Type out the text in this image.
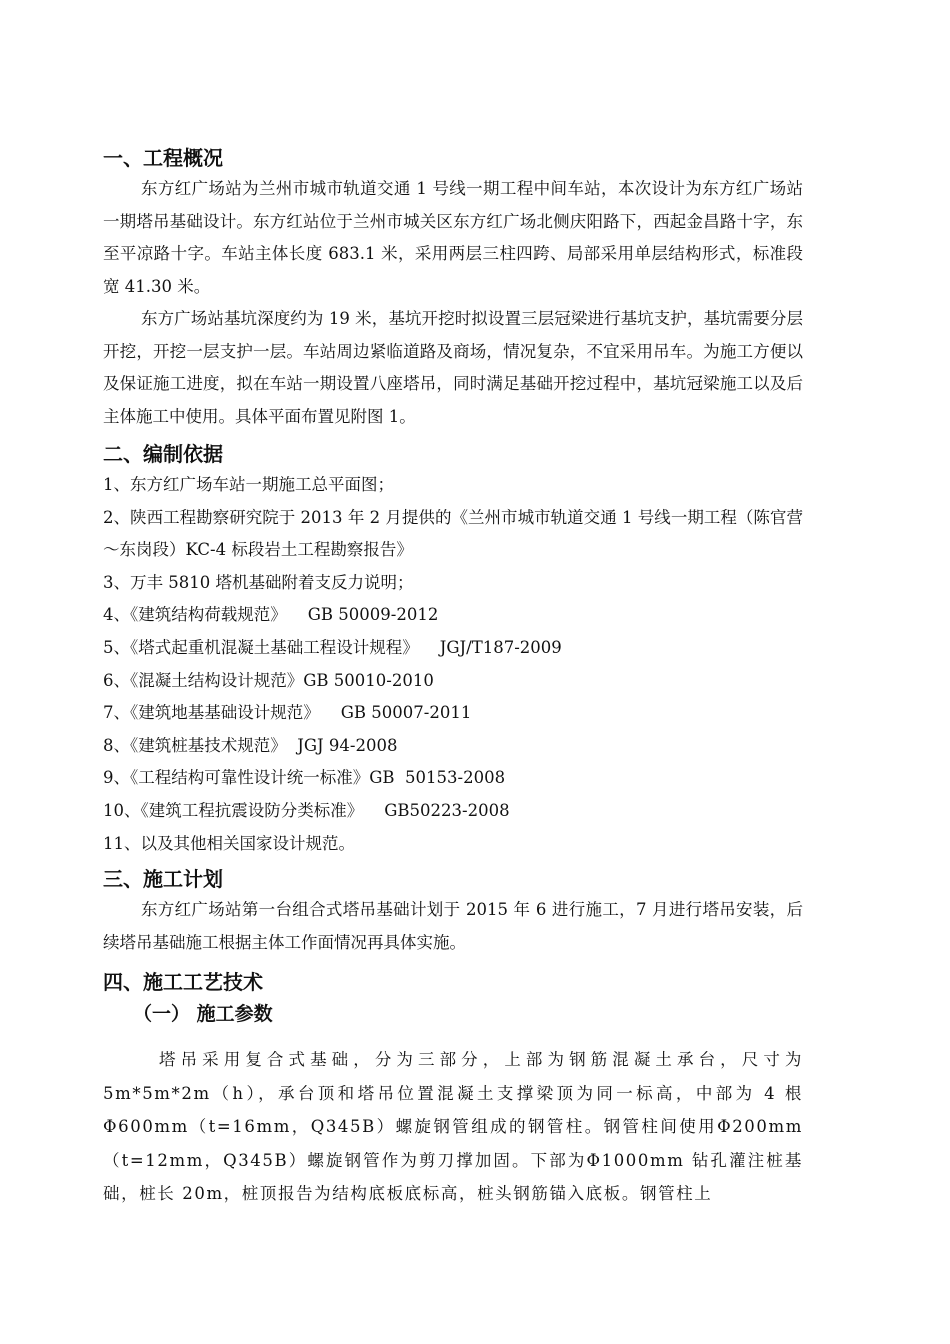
一、工程概况

东方红广场站为兰州市城市轨道交通 1 号线一期工程中间车站，本次设计为东方红广场站一期塔吊基础设计。东方红站位于兰州市城关区东方红广场北侧庆阳路下，西起金昌路十字，东至平凉路十字。车站主体长度 683.1 米，采用两层三柱四跨、局部采用单层结构形式，标准段宽 41.30 米。

东方广场站基坑深度约为 19 米，基坑开挖时拟设置三层冠梁进行基坑支护，基坑需要分层开挖，开挖一层支护一层。车站周边紧临道路及商场，情况复杂，不宜采用吊车。为施工方便以及保证施工进度，拟在车站一期设置八座塔吊，同时满足基础开挖过程中，基坑冠梁施工以及后主体施工中使用。具体平面布置见附图 1。

二、编制依据

1、东方红广场车站一期施工总平面图；

2、陕西工程勘察研究院于 2013 年 2 月提供的《兰州市城市轨道交通 1 号线一期工程（陈官营～东岗段）KC-4 标段岩土工程勘察报告》

3、万丰 5810 塔机基础附着支反力说明；

4、《建筑结构荷载规范》    GB 50009-2012

5、《塔式起重机混凝土基础工程设计规程》    JGJ/T187-2009

6、《混凝土结构设计规范》GB 50010-2010

7、《建筑地基基础设计规范》    GB 50007-2011

8、《建筑桩基技术规范》  JGJ 94-2008

9、《工程结构可靠性设计统一标准》GB  50153-2008

10、《建筑工程抗震设防分类标准》    GB50223-2008

11、以及其他相关国家设计规范。

三、施工计划

东方红广场站第一台组合式塔吊基础计划于 2015 年 6 进行施工，7 月进行塔吊安装，后续塔吊基础施工根据主体工作面情况再具体实施。

四、施工工艺技术
（一） 施工参数

塔吊采用复合式基础，分为三部分，上部为钢筋混凝土承台，尺寸为 5m*5m*2m（h），承台顶和塔吊位置混凝土支撑梁顶为同一标高，中部为 4 根Φ600mm（t=16mm，Q345B）螺旋钢管组成的钢管柱。钢管柱间使用Φ200mm（t=12mm，Q345B）螺旋钢管作为剪刀撑加固。下部为Φ1000mm 钻孔灌注桩基础，桩长 20m，桩顶报告为结构底板底标高，桩头钢筋锚入底板。钢管柱上
